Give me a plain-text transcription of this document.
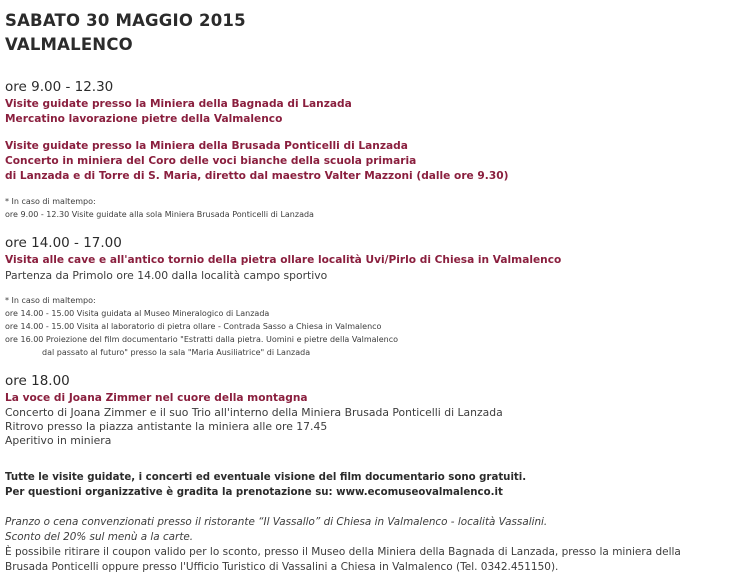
SABATO 30 MAGGIO 2015
VALMALENCO
ore 9.00 - 12.30
Visite guidate presso la Miniera della Bagnada di Lanzada
Mercatino lavorazione pietre della Valmalenco
Visite guidate presso la Miniera della Brusada Ponticelli di Lanzada
Concerto in miniera del Coro delle voci bianche della scuola primaria
di Lanzada e di Torre di S. Maria, diretto dal maestro Valter Mazzoni (dalle ore 9.30)
* In caso di maltempo:
ore 9.00 - 12.30 Visite guidate alla sola Miniera Brusada Ponticelli di Lanzada
ore 14.00 - 17.00
Visita alle cave e all'antico tornio della pietra ollare località Uvi/Pirlo di Chiesa in Valmalenco
Partenza da Primolo ore 14.00 dalla località campo sportivo
* In caso di maltempo:
ore 14.00 - 15.00 Visita guidata al Museo Mineralogico di Lanzada
ore 14.00 - 15.00 Visita al laboratorio di pietra ollare - Contrada Sasso a Chiesa in Valmalenco
ore 16.00 Proiezione del film documentario "Estratti dalla pietra. Uomini e pietre della Valmalenco
dal passato al futuro" presso la sala "Maria Ausiliatrice" di Lanzada
ore 18.00
La voce di Joana Zimmer nel cuore della montagna
Concerto di Joana Zimmer e il suo Trio all'interno della Miniera Brusada Ponticelli di Lanzada
Ritrovo presso la piazza antistante la miniera alle ore 17.45
Aperitivo in miniera
Tutte le visite guidate, i concerti ed eventuale visione del film documentario sono gratuiti.
Per questioni organizzative è gradita la prenotazione su: www.ecomuseovalmalenco.it
Pranzo o cena convenzionati presso il ristorante “Il Vassallo” di Chiesa in Valmalenco - località Vassalini.
Sconto del 20% sul menù a la carte.
È possibile ritirare il coupon valido per lo sconto, presso il Museo della Miniera della Bagnada di Lanzada, presso la miniera della
Brusada Ponticelli oppure presso l'Ufficio Turistico di Vassalini a Chiesa in Valmalenco (Tel. 0342.451150).
